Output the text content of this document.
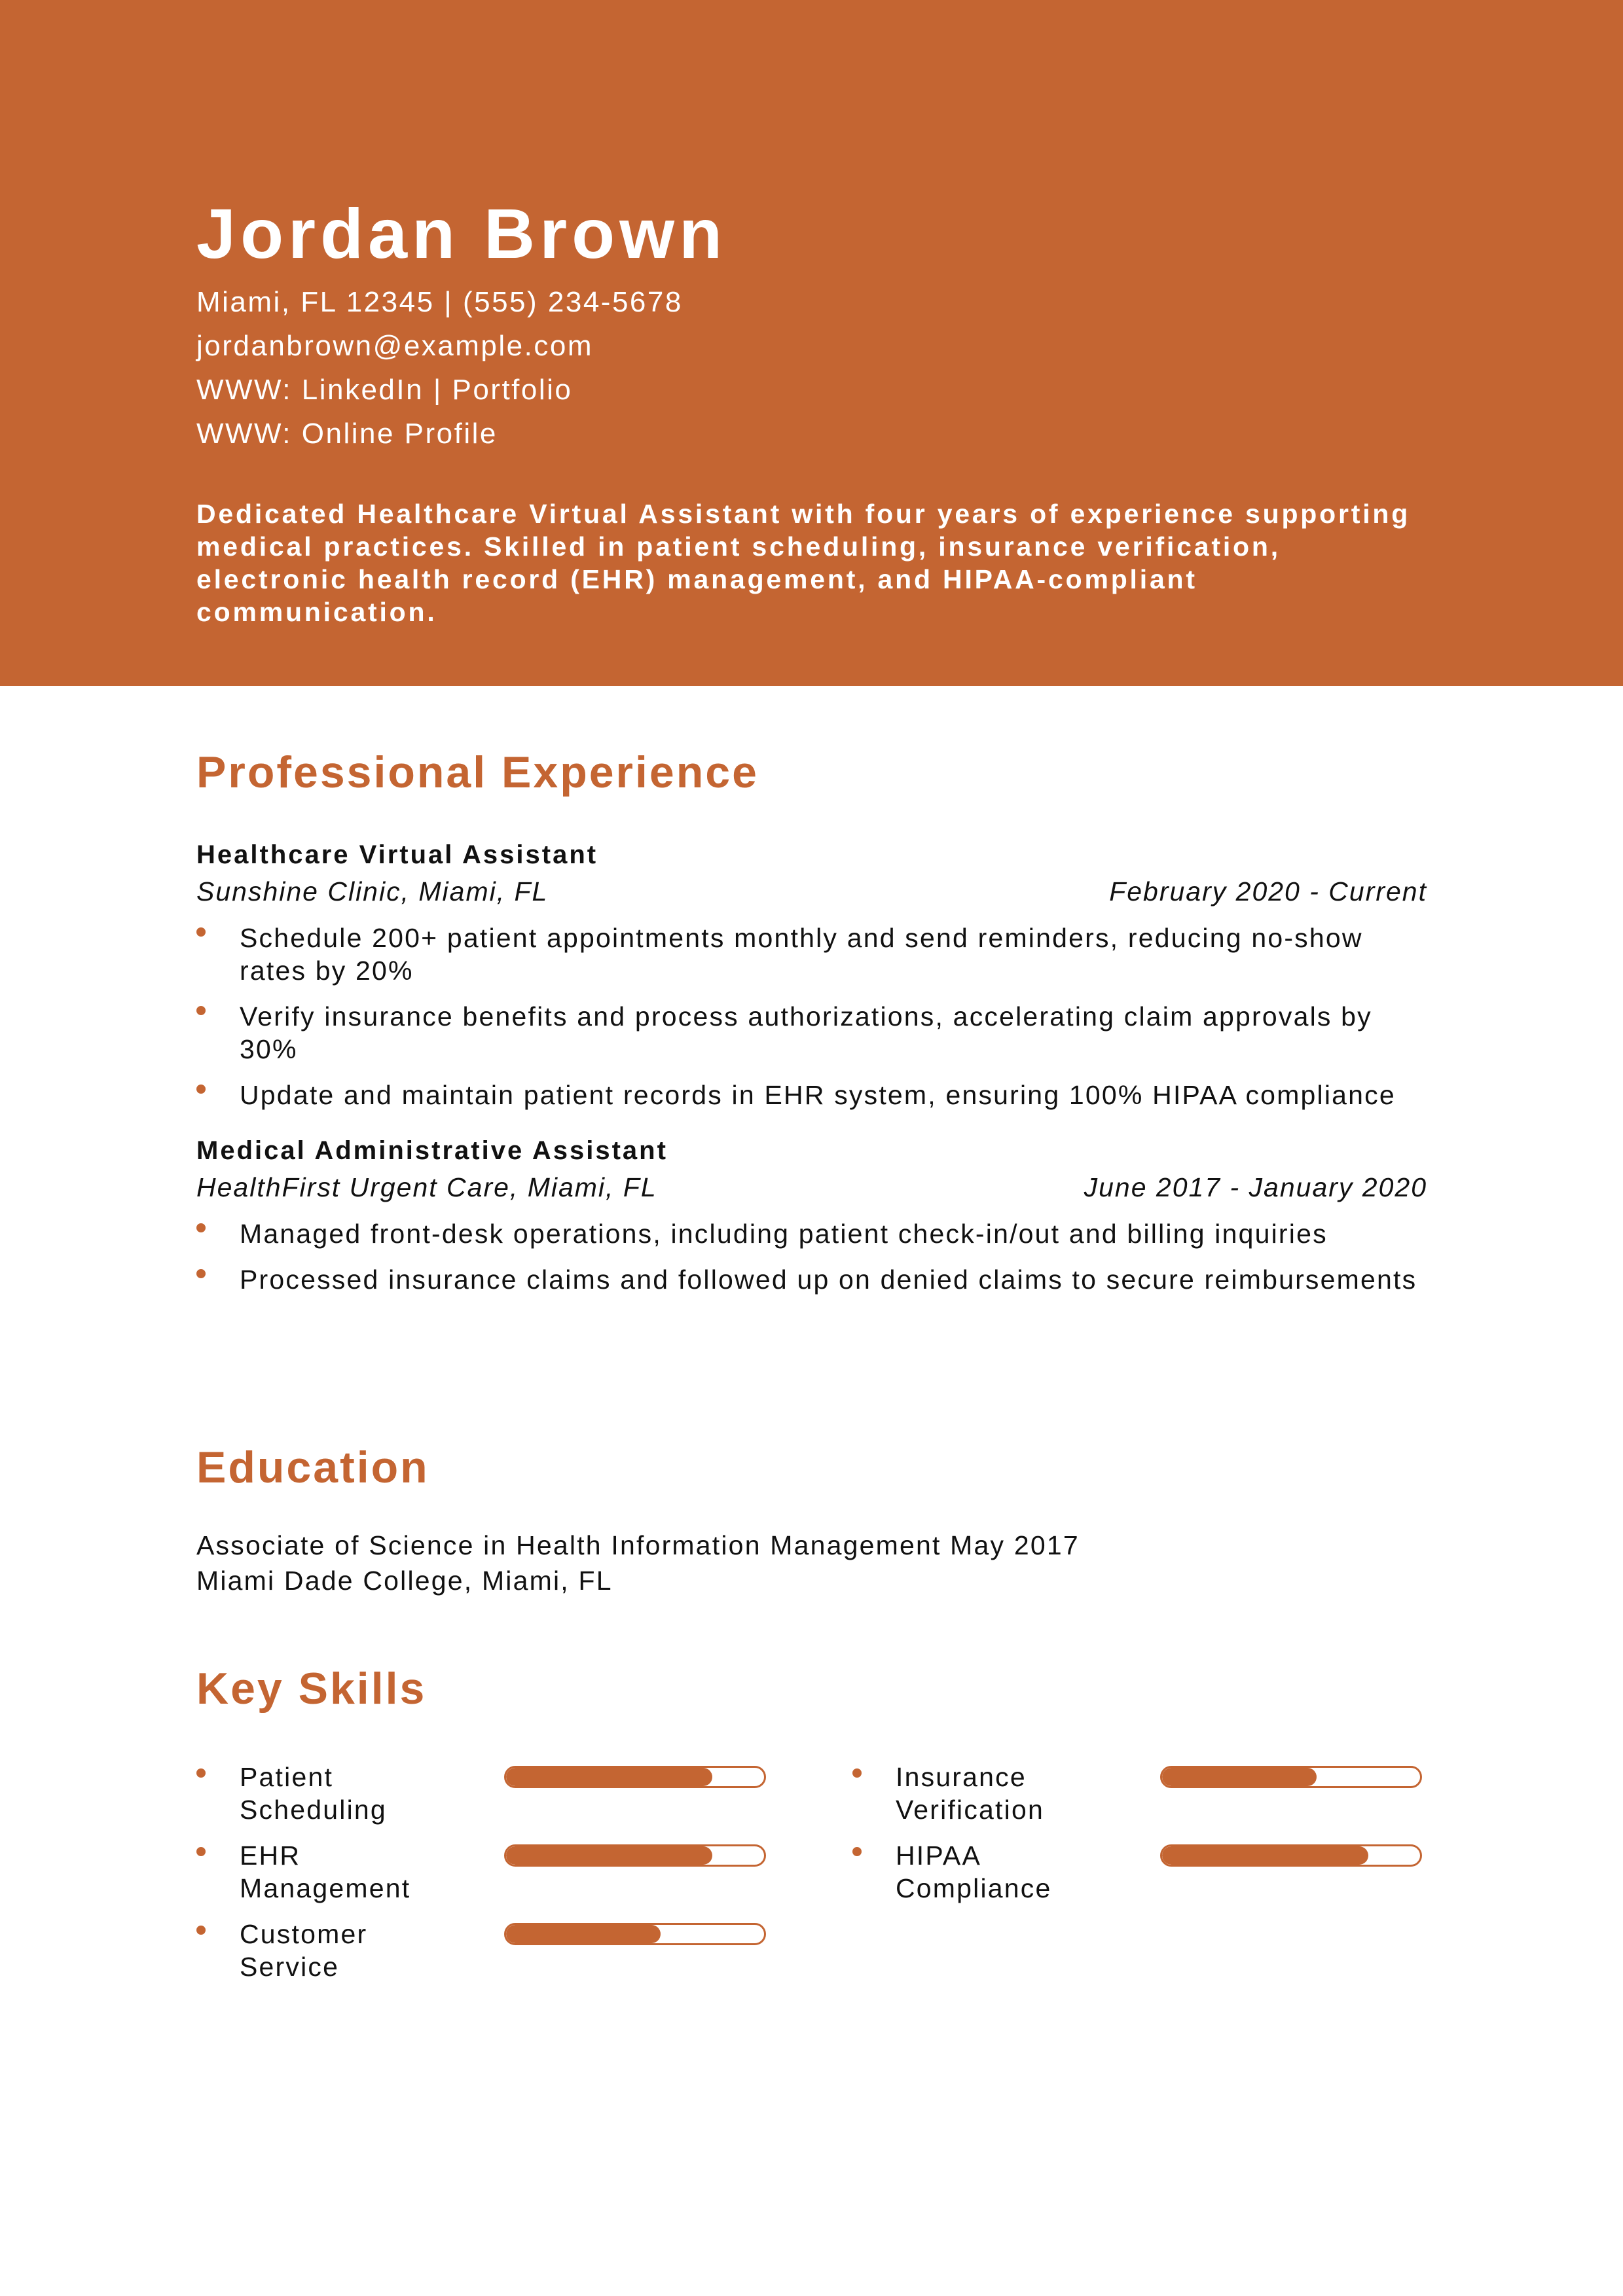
Jordan Brown

Miami, FL 12345 | (555) 234-5678

jordanbrown@example.com

WWW: LinkedIn | Portfolio

WWW: Online Profile

Dedicated Healthcare Virtual Assistant with four years of experience supporting medical practices. Skilled in patient scheduling, insurance verification, electronic health record (EHR) management, and HIPAA-compliant communication.
Professional Experience

Healthcare Virtual Assistant

Sunshine Clinic, Miami, FL	February 2020 - Current
Schedule 200+ patient appointments monthly and send reminders, reducing no-show rates by 20%
Verify insurance benefits and process authorizations, accelerating claim approvals by 30%
Update and maintain patient records in EHR system, ensuring 100% HIPAA compliance

Medical Administrative Assistant

HealthFirst Urgent Care, Miami, FL	June 2017 - January 2020
Managed front-desk operations, including patient check-in/out and billing inquiries
Processed insurance claims and followed up on denied claims to secure reimbursements
Education

Associate of Science in Health Information Management May 2017

Miami Dade College, Miami, FL

Key Skills
Patient Scheduling
Insurance Verification
EHR Management
HIPAA Compliance
Customer Service
